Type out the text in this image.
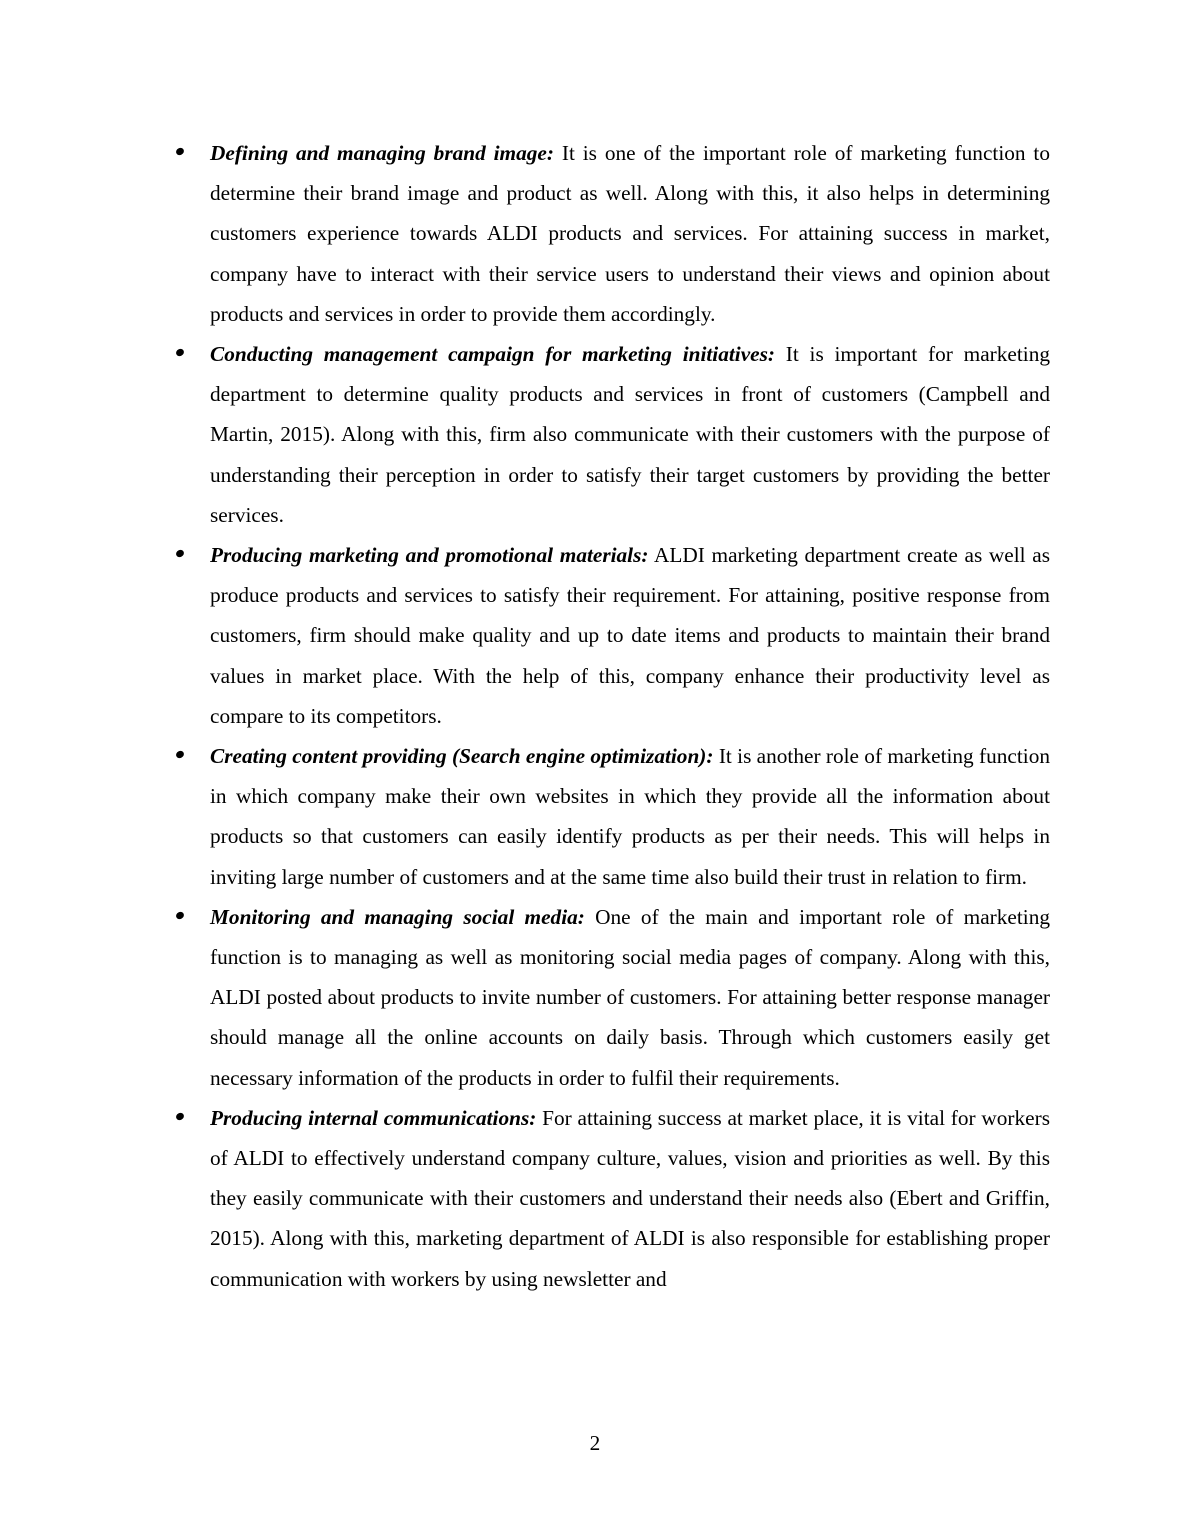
Defining and managing brand image: It is one of the important role of marketing function to determine their brand image and product as well. Along with this, it also helps in determining customers experience towards ALDI products and services. For attaining success in market, company have to interact with their service users to understand their views and opinion about products and services in order to provide them accordingly.
Conducting management campaign for marketing initiatives: It is important for marketing department to determine quality products and services in front of customers (Campbell and Martin, 2015). Along with this, firm also communicate with their customers with the purpose of understanding their perception in order to satisfy their target customers by providing the better services.
Producing marketing and promotional materials: ALDI marketing department create as well as produce products and services to satisfy their requirement. For attaining, positive response from customers, firm should make quality and up to date items and products to maintain their brand values in market place. With the help of this, company enhance their productivity level as compare to its competitors.
Creating content providing (Search engine optimization): It is another role of marketing function in which company make their own websites in which they provide all the information about products so that customers can easily identify products as per their needs. This will helps in inviting large number of customers and at the same time also build their trust in relation to firm.
Monitoring and managing social media: One of the main and important role of marketing function is to managing as well as monitoring social media pages of company. Along with this, ALDI posted about products to invite number of customers. For attaining better response manager should manage all the online accounts on daily basis. Through which customers easily get necessary information of the products in order to fulfil their requirements.
Producing internal communications: For attaining success at market place, it is vital for workers of ALDI to effectively understand company culture, values, vision and priorities as well. By this they easily communicate with their customers and understand their needs also (Ebert and Griffin, 2015). Along with this, marketing department of ALDI is also responsible for establishing proper communication with workers by using newsletter and
2
